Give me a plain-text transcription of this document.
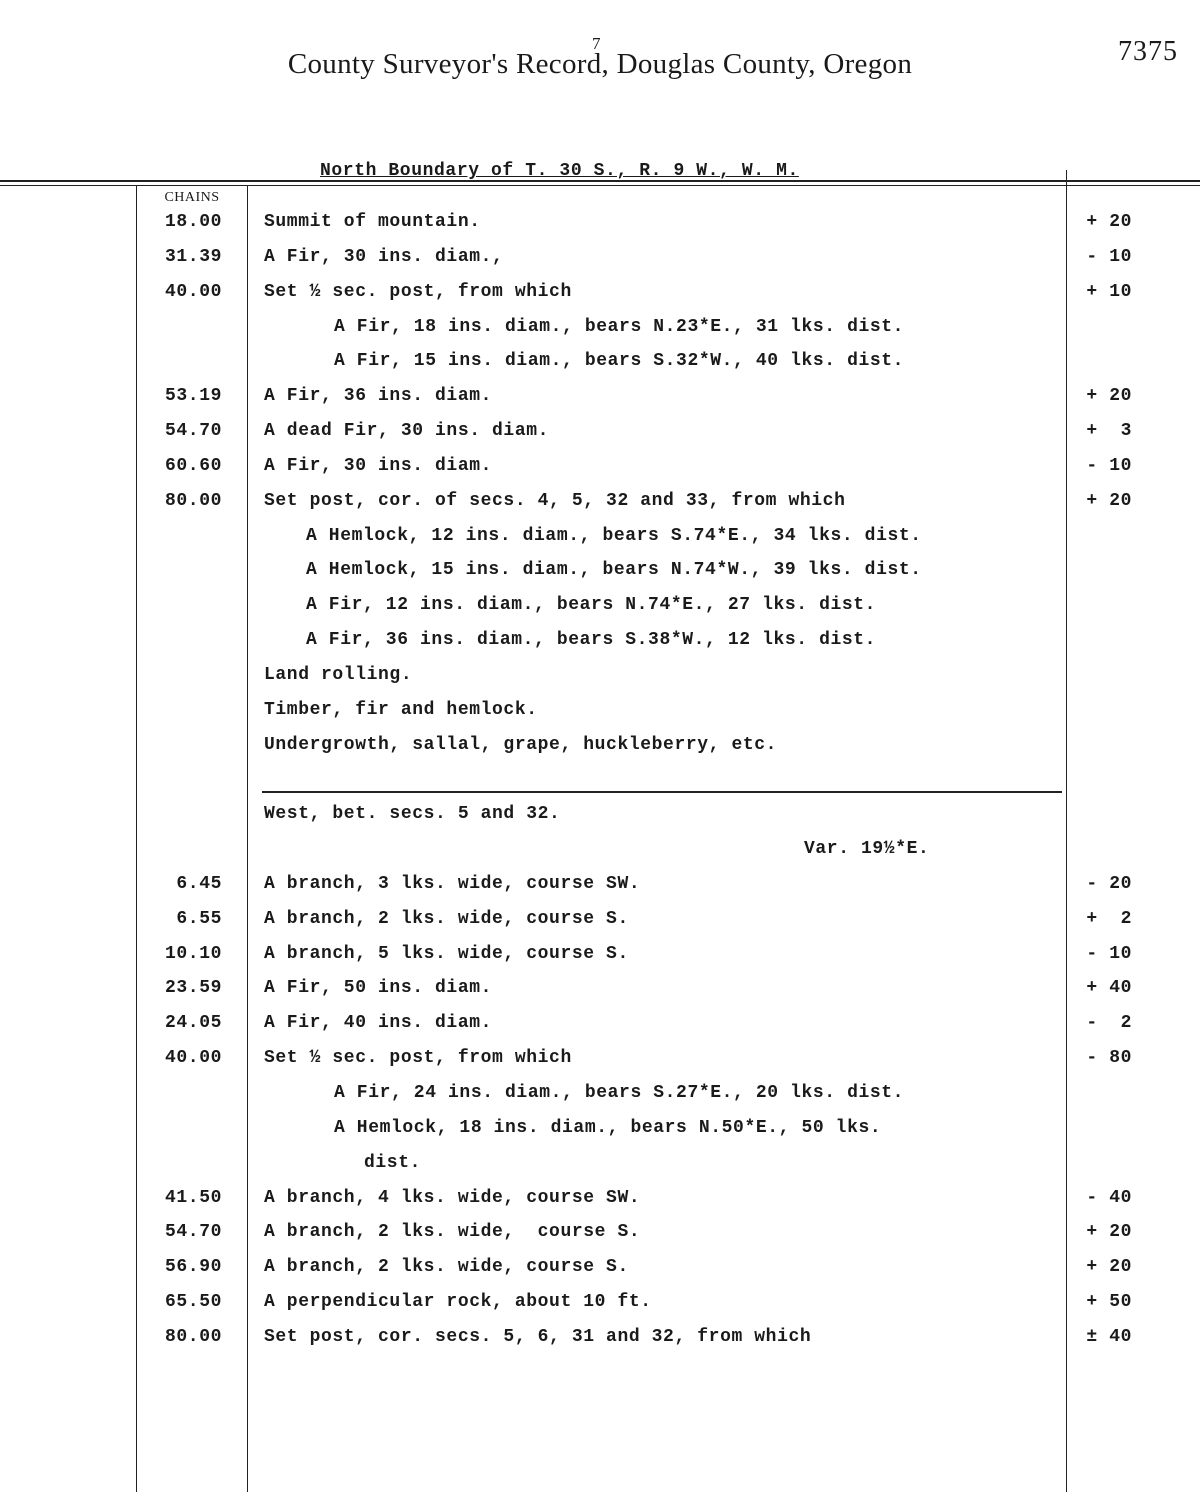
7
County Surveyor's Record, Douglas County, Oregon	7375
North Boundary of T. 30 S., R. 9 W., W. M.
CHAINS
18.00 Summit of mountain.	+ 20
31.39 A Fir, 30 ins. diam.,	- 10
40.00 Set ½ sec. post, from which	+ 10
A Fir, 18 ins. diam., bears N.23*E., 31 lks. dist.
A Fir, 15 ins. diam., bears S.32*W., 40 lks. dist.
53.19 A Fir, 36 ins. diam.	+ 20
54.70 A dead Fir, 30 ins. diam.	+  3
60.60 A Fir, 30 ins. diam.	- 10
80.00 Set post, cor. of secs. 4, 5, 32 and 33, from which	+ 20
A Hemlock, 12 ins. diam., bears S.74*E., 34 lks. dist.
A Hemlock, 15 ins. diam., bears N.74*W., 39 lks. dist.
A Fir, 12 ins. diam., bears N.74*E., 27 lks. dist.
A Fir, 36 ins. diam., bears S.38*W., 12 lks. dist.
Land rolling.
Timber, fir and hemlock.
Undergrowth, sallal, grape, huckleberry, etc.
West, bet. secs. 5 and 32.
Var. 19½*E.
6.45 A branch, 3 lks. wide, course SW.	- 20
6.55 A branch, 2 lks. wide, course S.	+  2
10.10 A branch, 5 lks. wide, course S.	- 10
23.59 A Fir, 50 ins. diam.	+ 40
24.05 A Fir, 40 ins. diam.	-  2
40.00 Set ½ sec. post, from which	- 80
A Fir, 24 ins. diam., bears S.27*E., 20 lks. dist.
A Hemlock, 18 ins. diam., bears N.50*E., 50 lks.
dist.
41.50 A branch, 4 lks. wide, course SW.	- 40
54.70 A branch, 2 lks. wide,  course S.	+ 20
56.90 A branch, 2 lks. wide, course S.	+ 20
65.50 A perpendicular rock, about 10 ft.	+ 50
80.00 Set post, cor. secs. 5, 6, 31 and 32, from which	± 40
